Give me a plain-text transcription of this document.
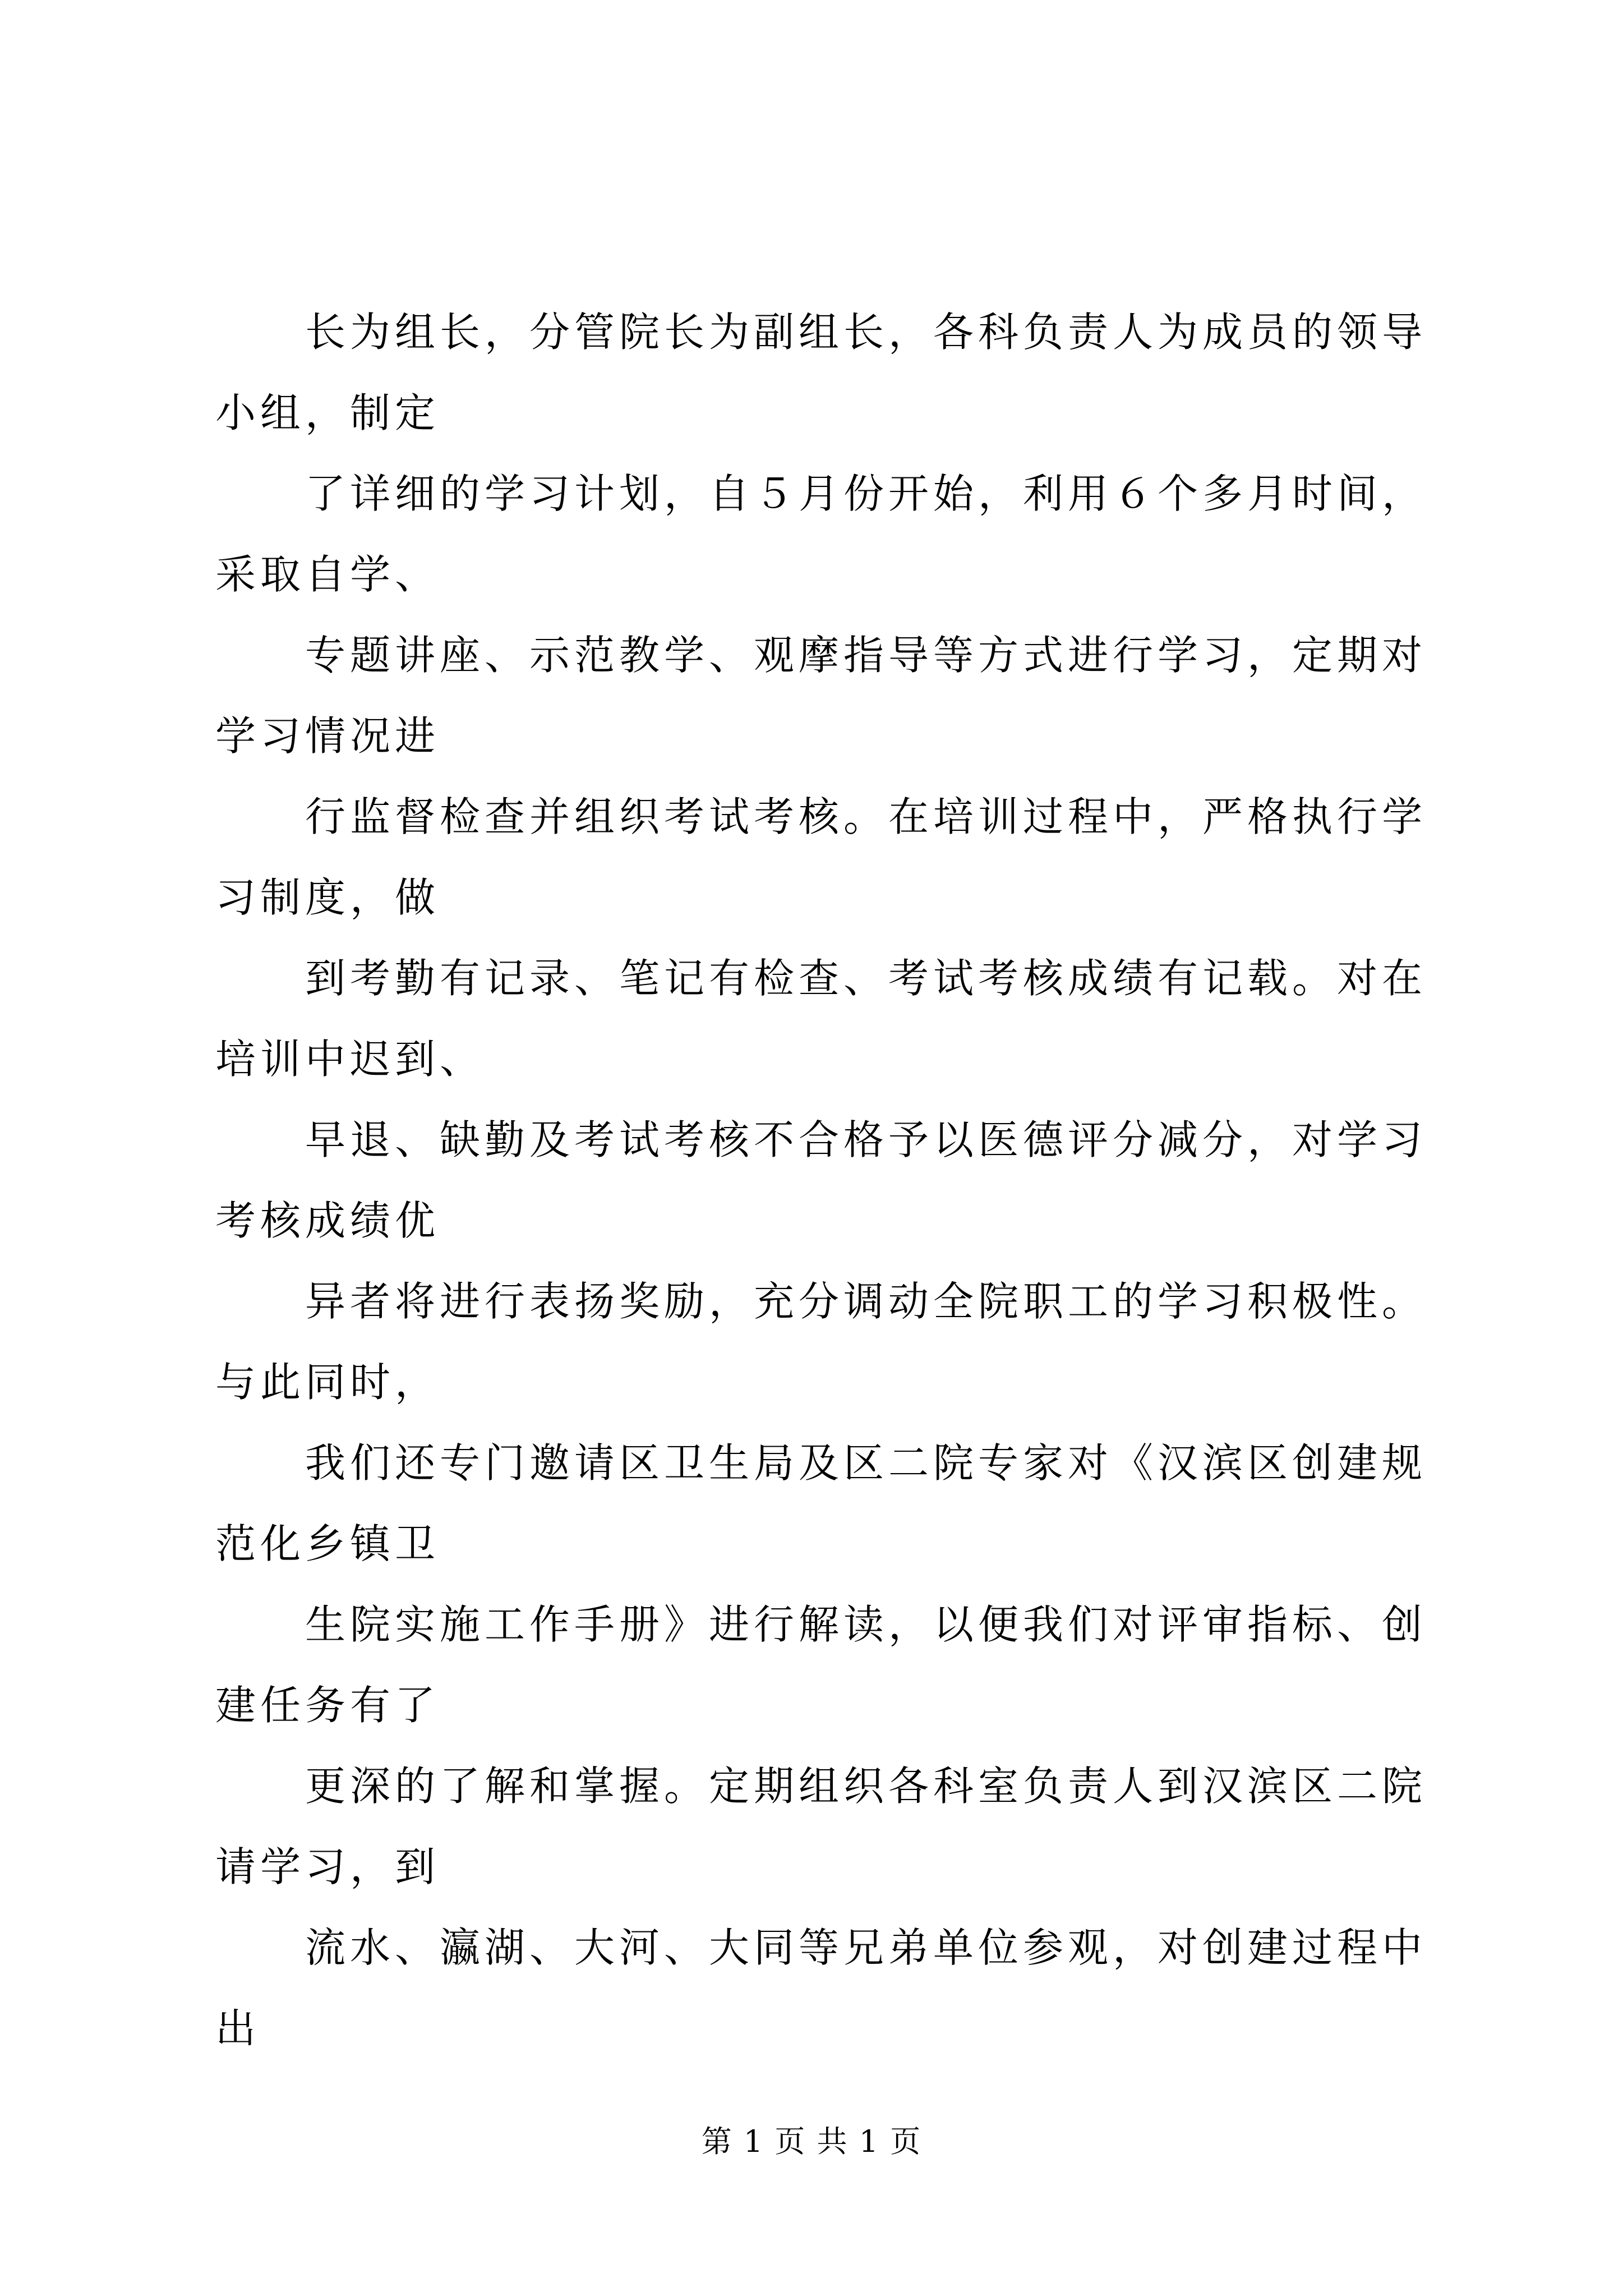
长为组长，分管院长为副组长，各科负责人为成员的领导小组，制定

了详细的学习计划，自５月份开始，利用６个多月时间，采取自学、

专题讲座、示范教学、观摩指导等方式进行学习，定期对学习情况进

行监督检查并组织考试考核。在培训过程中，严格执行学习制度，做

到考勤有记录、笔记有检查、考试考核成绩有记载。对在培训中迟到、

早退、缺勤及考试考核不合格予以医德评分减分，对学习考核成绩优

异者将进行表扬奖励，充分调动全院职工的学习积极性。与此同时，

我们还专门邀请区卫生局及区二院专家对《汉滨区创建规范化乡镇卫

生院实施工作手册》进行解读，以便我们对评审指标、创建任务有了

更深的了解和掌握。定期组织各科室负责人到汉滨区二院请学习，到

流水、瀛湖、大河、大同等兄弟单位参观，对创建过程中出

第 1 页 共 1 页
